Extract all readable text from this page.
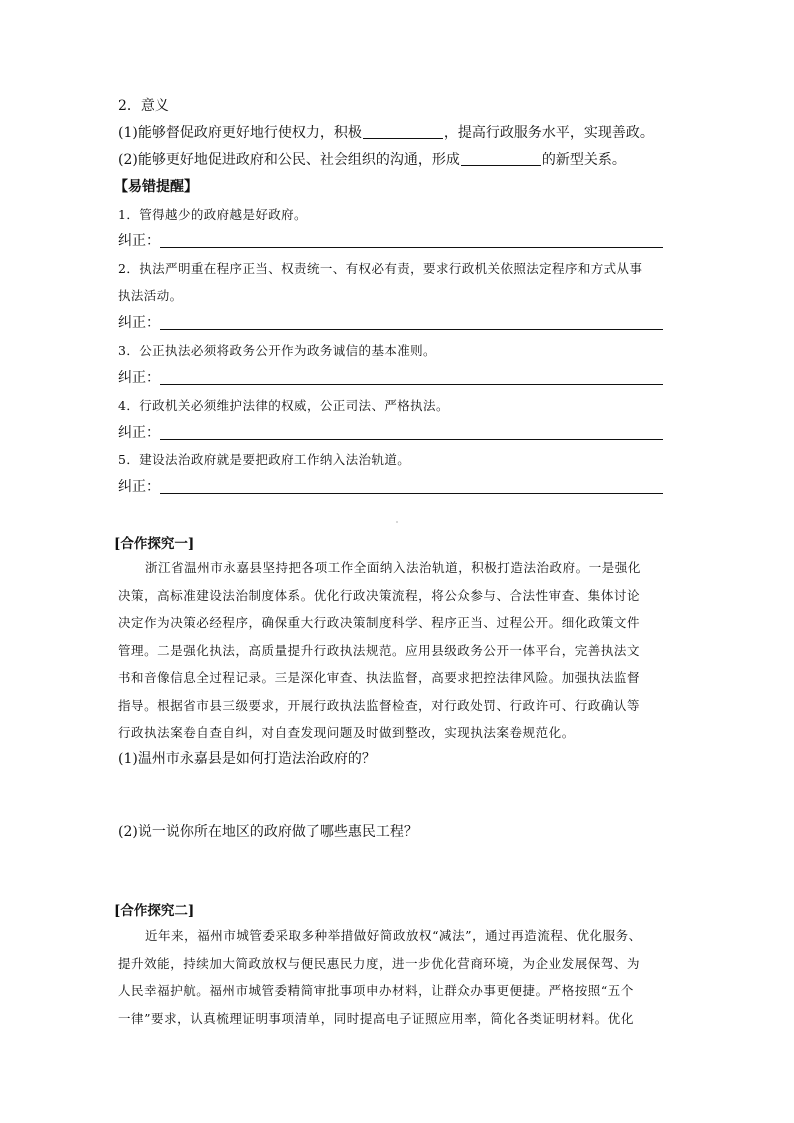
2．意义
(1)能够督促政府更好地行使权力，积极	，提高行政服务水平，实现善政。
(2)能够更好地促进政府和公民、社会组织的沟通，形成	的新型关系。
【易错提醒】
1．管得越少的政府越是好政府。
纠正：
2．执法严明重在程序正当、权责统一、有权必有责，要求行政机关依照法定程序和方式从事
执法活动。
纠正：
3．公正执法必须将政务公开作为政务诚信的基本准则。
纠正：
4．行政机关必须维护法律的权威，公正司法、严格执法。
纠正：
5．建设法治政府就是要把政府工作纳入法治轨道。
纠正：
[合作探究一]
浙江省温州市永嘉县坚持把各项工作全面纳入法治轨道，积极打造法治政府。一是强化
决策，高标准建设法治制度体系。优化行政决策流程，将公众参与、合法性审查、集体讨论
决定作为决策必经程序，确保重大行政决策制度科学、程序正当、过程公开。细化政策文件
管理。二是强化执法，高质量提升行政执法规范。应用县级政务公开一体平台，完善执法文
书和音像信息全过程记录。三是深化审查、执法监督，高要求把控法律风险。加强执法监督
指导。根据省市县三级要求，开展行政执法监督检查，对行政处罚、行政许可、行政确认等
行政执法案卷自查自纠，对自查发现问题及时做到整改，实现执法案卷规范化。
(1)温州市永嘉县是如何打造法治政府的？
(2)说一说你所在地区的政府做了哪些惠民工程？
[合作探究二]
近年来，福州市城管委采取多种举措做好简政放权“减法”，通过再造流程、优化服务、
提升效能，持续加大简政放权与便民惠民力度，进一步优化营商环境，为企业发展保驾、为
人民幸福护航。福州市城管委精简审批事项申办材料，让群众办事更便捷。严格按照“五个
一律”要求，认真梳理证明事项清单，同时提高电子证照应用率，简化各类证明材料。优化
